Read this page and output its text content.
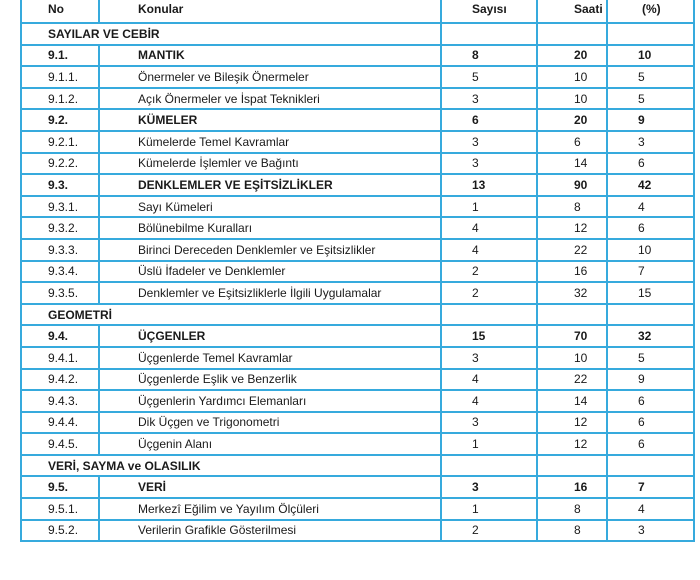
No	Konular	Sayısı	Saati	(%)
SAYILAR VE CEBİR				
9.1.	MANTIK	8	20	10
9.1.1.	Önermeler ve Bileşik Önermeler	5	10	5
9.1.2.	Açık Önermeler ve İspat Teknikleri	3	10	5
9.2.	KÜMELER	6	20	9
9.2.1.	Kümelerde Temel Kavramlar	3	6	3
9.2.2.	Kümelerde İşlemler ve Bağıntı	3	14	6
9.3.	DENKLEMLER VE EŞİTSİZLİKLER	13	90	42
9.3.1.	Sayı Kümeleri	1	8	4
9.3.2.	Bölünebilme Kuralları	4	12	6
9.3.3.	Birinci Dereceden Denklemler ve Eşitsizlikler	4	22	10
9.3.4.	Üslü İfadeler ve Denklemler	2	16	7
9.3.5.	Denklemler ve Eşitsizliklerle İlgili Uygulamalar	2	32	15
GEOMETRİ				
9.4.	ÜÇGENLER	15	70	32
9.4.1.	Üçgenlerde Temel Kavramlar	3	10	5
9.4.2.	Üçgenlerde Eşlik ve Benzerlik	4	22	9
9.4.3.	Üçgenlerin Yardımcı Elemanları	4	14	6
9.4.4.	Dik Üçgen ve Trigonometri	3	12	6
9.4.5.	Üçgenin Alanı	1	12	6
VERİ, SAYMA ve OLASILIK				
9.5.	VERİ	3	16	7
9.5.1.	Merkezî Eğilim ve Yayılım Ölçüleri	1	8	4
9.5.2.	Verilerin Grafikle Gösterilmesi	2	8	3
